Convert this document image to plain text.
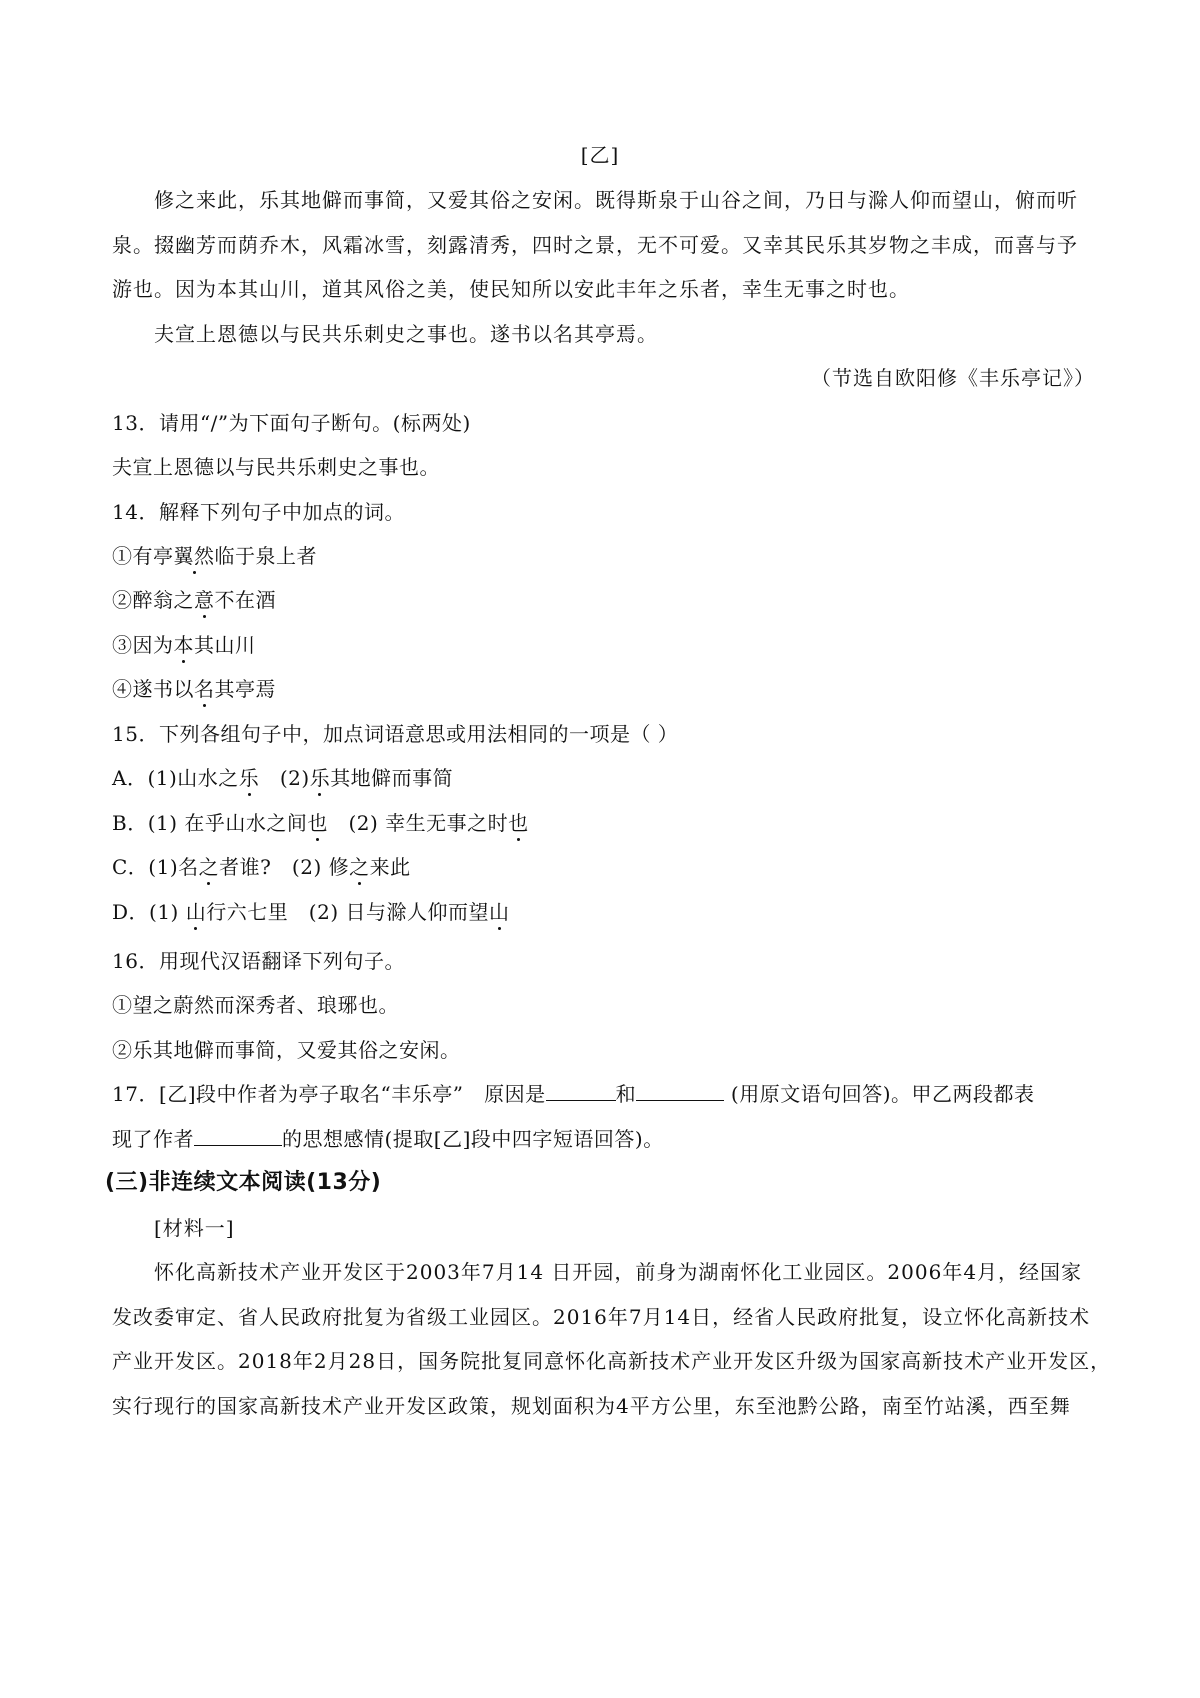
[乙]
修之来此，乐其地僻而事简，又爱其俗之安闲。既得斯泉于山谷之间，乃日与滁人仰而望山，俯而听
泉。掇幽芳而荫乔木，风霜冰雪，刻露清秀，四时之景，无不可爱。又幸其民乐其岁物之丰成，而喜与予
游也。因为本其山川，道其风俗之美，使民知所以安此丰年之乐者，幸生无事之时也。
夫宣上恩德以与民共乐刺史之事也。遂书以名其亭焉。
（节选自欧阳修《丰乐亭记》）
13．请用“/”为下面句子断句。(标两处)
夫宣上恩德以与民共乐刺史之事也。
14．解释下列句子中加点的词。
①有亭翼然临于泉上者
②醉翁之意不在酒
③因为本其山川
④遂书以名其亭焉
15．下列各组句子中，加点词语意思或用法相同的一项是（ ）
A．(1)山水之乐   (2)乐其地僻而事简
B．(1) 在乎山水之间也   (2) 幸生无事之时也
C．(1)名之者谁?   (2) 修之来此
D．(1) 山行六七里   (2) 日与滁人仰而望山
16．用现代汉语翻译下列句子。
①望之蔚然而深秀者、琅琊也。
②乐其地僻而事简，又爱其俗之安闲。
17．[乙]段中作者为亭子取名“丰乐亭”   原因是	和	(用原文语句回答)。甲乙两段都表
现了作者	的思想感情(提取[乙]段中四字短语回答)。
(三)非连续文本阅读(13分)
[材料一]
怀化高新技术产业开发区于2003年7月14 日开园，前身为湖南怀化工业园区。2006年4月，经国家
发改委审定、省人民政府批复为省级工业园区。2016年7月14日，经省人民政府批复，设立怀化高新技术
产业开发区。2018年2月28日，国务院批复同意怀化高新技术产业开发区升级为国家高新技术产业开发区，
实行现行的国家高新技术产业开发区政策，规划面积为4平方公里，东至池黔公路，南至竹站溪，西至舞
